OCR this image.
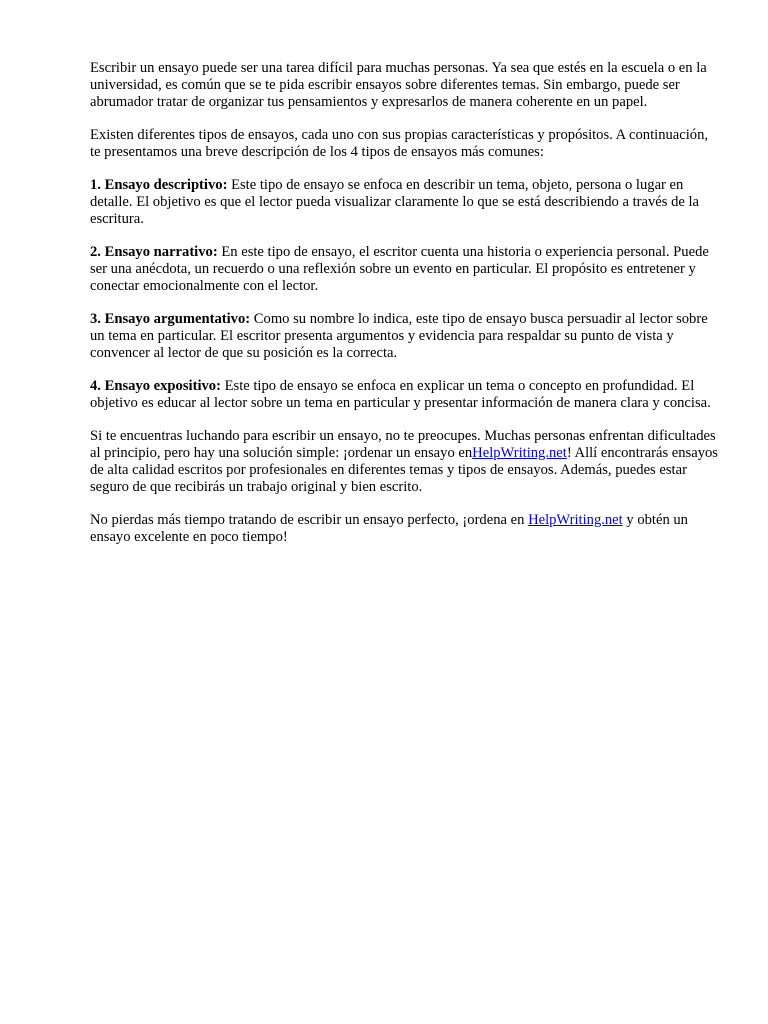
Escribir un ensayo puede ser una tarea difícil para muchas personas. Ya sea que estés en la escuela o en la universidad, es común que se te pida escribir ensayos sobre diferentes temas. Sin embargo, puede ser abrumador tratar de organizar tus pensamientos y expresarlos de manera coherente en un papel.

Existen diferentes tipos de ensayos, cada uno con sus propias características y propósitos. A continuación, te presentamos una breve descripción de los 4 tipos de ensayos más comunes:

1. Ensayo descriptivo: Este tipo de ensayo se enfoca en describir un tema, objeto, persona o lugar en detalle. El objetivo es que el lector pueda visualizar claramente lo que se está describiendo a través de la escritura.

2. Ensayo narrativo: En este tipo de ensayo, el escritor cuenta una historia o experiencia personal. Puede ser una anécdota, un recuerdo o una reflexión sobre un evento en particular. El propósito es entretener y conectar emocionalmente con el lector.

3. Ensayo argumentativo: Como su nombre lo indica, este tipo de ensayo busca persuadir al lector sobre un tema en particular. El escritor presenta argumentos y evidencia para respaldar su punto de vista y convencer al lector de que su posición es la correcta.

4. Ensayo expositivo: Este tipo de ensayo se enfoca en explicar un tema o concepto en profundidad. El objetivo es educar al lector sobre un tema en particular y presentar información de manera clara y concisa.

Si te encuentras luchando para escribir un ensayo, no te preocupes. Muchas personas enfrentan dificultades al principio, pero hay una solución simple: ¡ordenar un ensayo enHelpWriting.net! Allí encontrarás ensayos de alta calidad escritos por profesionales en diferentes temas y tipos de ensayos. Además, puedes estar seguro de que recibirás un trabajo original y bien escrito.

No pierdas más tiempo tratando de escribir un ensayo perfecto, ¡ordena en HelpWriting.net y obtén un ensayo excelente en poco tiempo!
